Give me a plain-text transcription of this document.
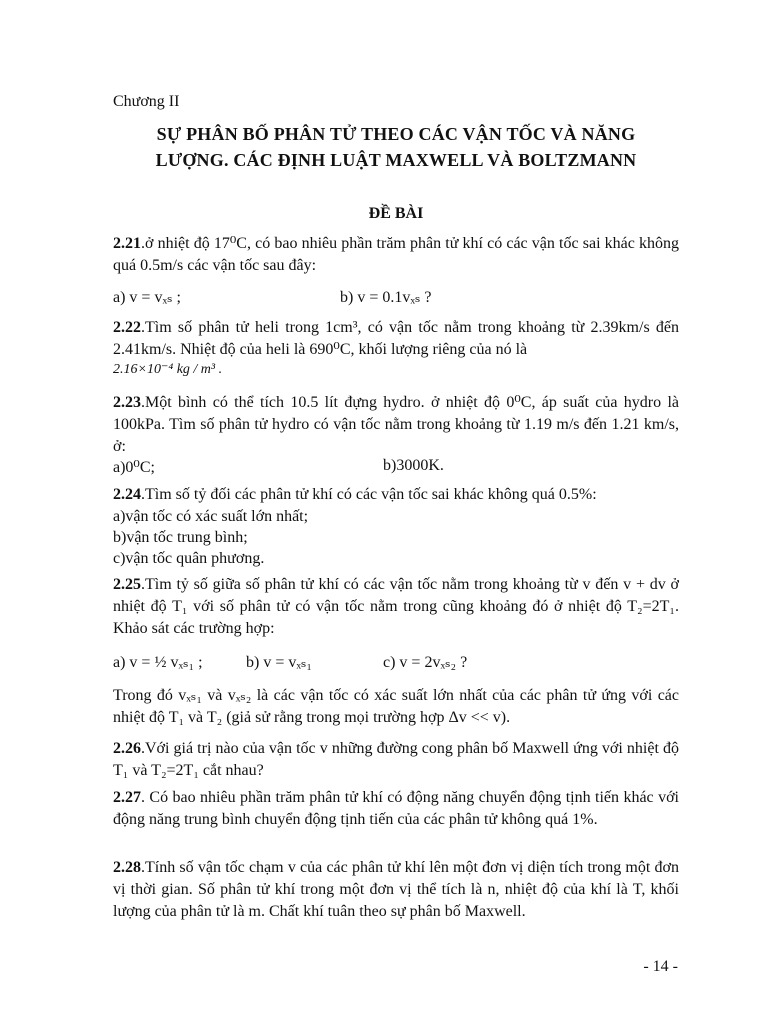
Chương II
SỰ PHÂN BỐ PHÂN TỬ THEO CÁC VẬN TỐC VÀ NĂNG
LƯỢNG. CÁC ĐỊNH LUẬT MAXWELL VÀ BOLTZMANN
ĐỀ BÀI
2.21.ở nhiệt độ 17⁰C, có bao nhiêu phần trăm phân tử khí có các vận tốc sai khác không quá 0.5m/s các vận tốc sau đây:
a) v = vₓₛ ;	b) v = 0.1vₓₛ ?
2.22.Tìm số phân tử heli trong 1cm³, có vận tốc nằm trong khoảng từ 2.39km/s đến 2.41km/s. Nhiệt độ của heli là 690⁰C, khối lượng riêng của nó là
2.16×10⁻⁴ kg / m³ .
2.23.Một bình có thể tích 10.5 lít đựng hydro. ở nhiệt độ 0⁰C, áp suất của hydro là 100kPa. Tìm số phân tử hydro có vận tốc nằm trong khoảng từ 1.19 m/s đến 1.21 km/s, ở:
a)0⁰C;	b)3000K.
2.24.Tìm số tỷ đối các phân tử khí có các vận tốc sai khác không quá 0.5%:
a)vận tốc có xác suất lớn nhất;
b)vận tốc trung bình;
c)vận tốc quân phương.
2.25.Tìm tỷ số giữa số phân tử khí có các vận tốc nằm trong khoảng từ v đến v + dv ở nhiệt độ T₁ với số phân tử có vận tốc nằm trong cũng khoảng đó ở nhiệt độ T₂=2T₁. Khảo sát các trường hợp:
a) v = ½ vₓₛ₁ ;	b) v = vₓₛ₁	c) v = 2vₓₛ₂ ?
Trong đó vₓₛ₁ và vₓₛ₂ là các vận tốc có xác suất lớn nhất của các phân tử ứng với các nhiệt độ T₁ và T₂ (giả sử rằng trong mọi trường hợp Δv << v).
2.26.Với giá trị nào của vận tốc v những đường cong phân bố Maxwell ứng với nhiệt độ T₁ và T₂=2T₁ cắt nhau?
2.27. Có bao nhiêu phần trăm phân tử khí có động năng chuyển động tịnh tiến khác với động năng trung bình chuyển động tịnh tiến của các phân tử không quá 1%.
2.28.Tính số vận tốc chạm v của các phân tử khí lên một đơn vị diện tích trong một đơn vị thời gian. Số phân tử khí trong một đơn vị thể tích là n, nhiệt độ của khí là T, khối lượng của phân tử là m. Chất khí tuân theo sự phân bố Maxwell.
- 14 -
